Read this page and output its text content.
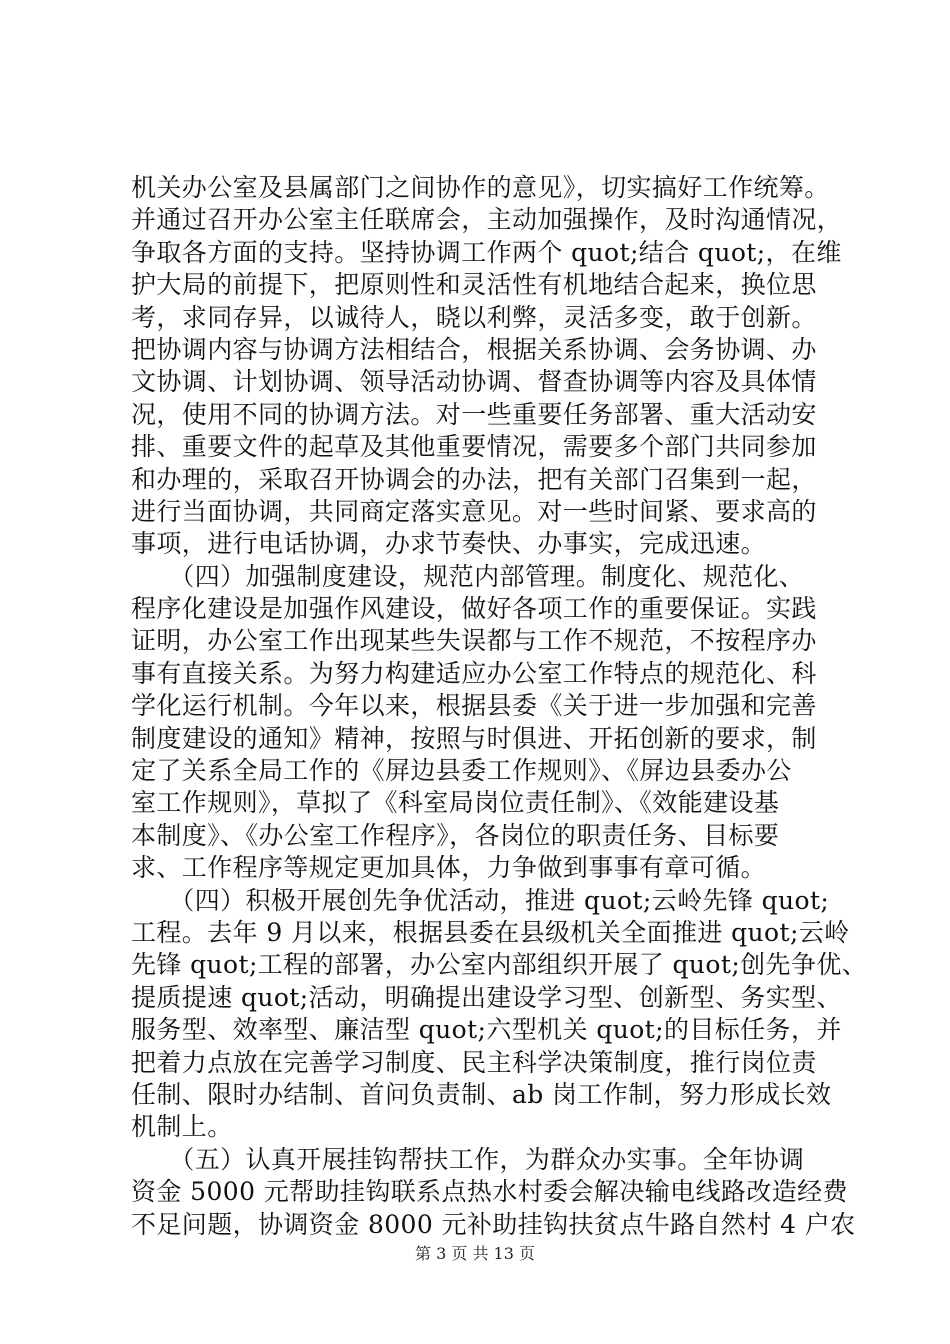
机关办公室及县属部门之间协作的意见》，切实搞好工作统筹。
并通过召开办公室主任联席会，主动加强操作，及时沟通情况，
争取各方面的支持。坚持协调工作两个 quot;结合 quot;，在维
护大局的前提下，把原则性和灵活性有机地结合起来，换位思
考，求同存异，以诚待人，晓以利弊，灵活多变，敢于创新。
把协调内容与协调方法相结合，根据关系协调、会务协调、办
文协调、计划协调、领导活动协调、督查协调等内容及具体情
况，使用不同的协调方法。对一些重要任务部署、重大活动安
排、重要文件的起草及其他重要情况，需要多个部门共同参加
和办理的，采取召开协调会的办法，把有关部门召集到一起，
进行当面协调，共同商定落实意见。对一些时间紧、要求高的
事项，进行电话协调，办求节奏快、办事实，完成迅速。
　　（四）加强制度建设，规范内部管理。制度化、规范化、
程序化建设是加强作风建设，做好各项工作的重要保证。实践
证明，办公室工作出现某些失误都与工作不规范，不按程序办
事有直接关系。为努力构建适应办公室工作特点的规范化、科
学化运行机制。今年以来，根据县委《关于进一步加强和完善
制度建设的通知》精神，按照与时俱进、开拓创新的要求，制
定了关系全局工作的《屏边县委工作规则》、《屏边县委办公
室工作规则》，草拟了《科室局岗位责任制》、《效能建设基
本制度》、《办公室工作程序》，各岗位的职责任务、目标要
求、工作程序等规定更加具体，力争做到事事有章可循。
　　（四）积极开展创先争优活动，推进 quot;云岭先锋 quot;
工程。去年 9 月以来，根据县委在县级机关全面推进 quot;云岭
先锋 quot;工程的部署，办公室内部组织开展了 quot;创先争优、
提质提速 quot;活动，明确提出建设学习型、创新型、务实型、
服务型、效率型、廉洁型 quot;六型机关 quot;的目标任务，并
把着力点放在完善学习制度、民主科学决策制度，推行岗位责
任制、限时办结制、首问负责制、ab 岗工作制，努力形成长效
机制上。
　　（五）认真开展挂钩帮扶工作，为群众办实事。全年协调
资金 5000 元帮助挂钩联系点热水村委会解决输电线路改造经费
不足问题，协调资金 8000 元补助挂钩扶贫点牛路自然村 4 户农
第 3 页 共 13 页
